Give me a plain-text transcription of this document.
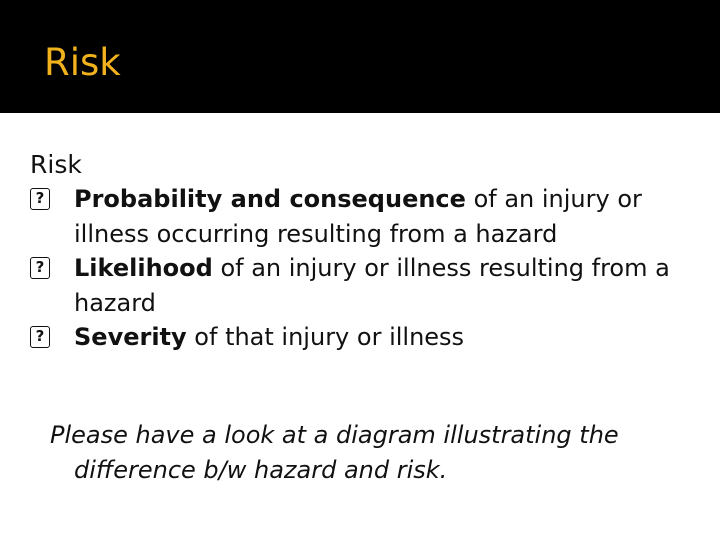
Risk

Risk

? Probability and consequence of an injury or illness occurring resulting from a hazard

? Likelihood of an injury or illness resulting from a hazard

? Severity of that injury or illness

Please have a look at a diagram illustrating the difference b/w hazard and risk.
